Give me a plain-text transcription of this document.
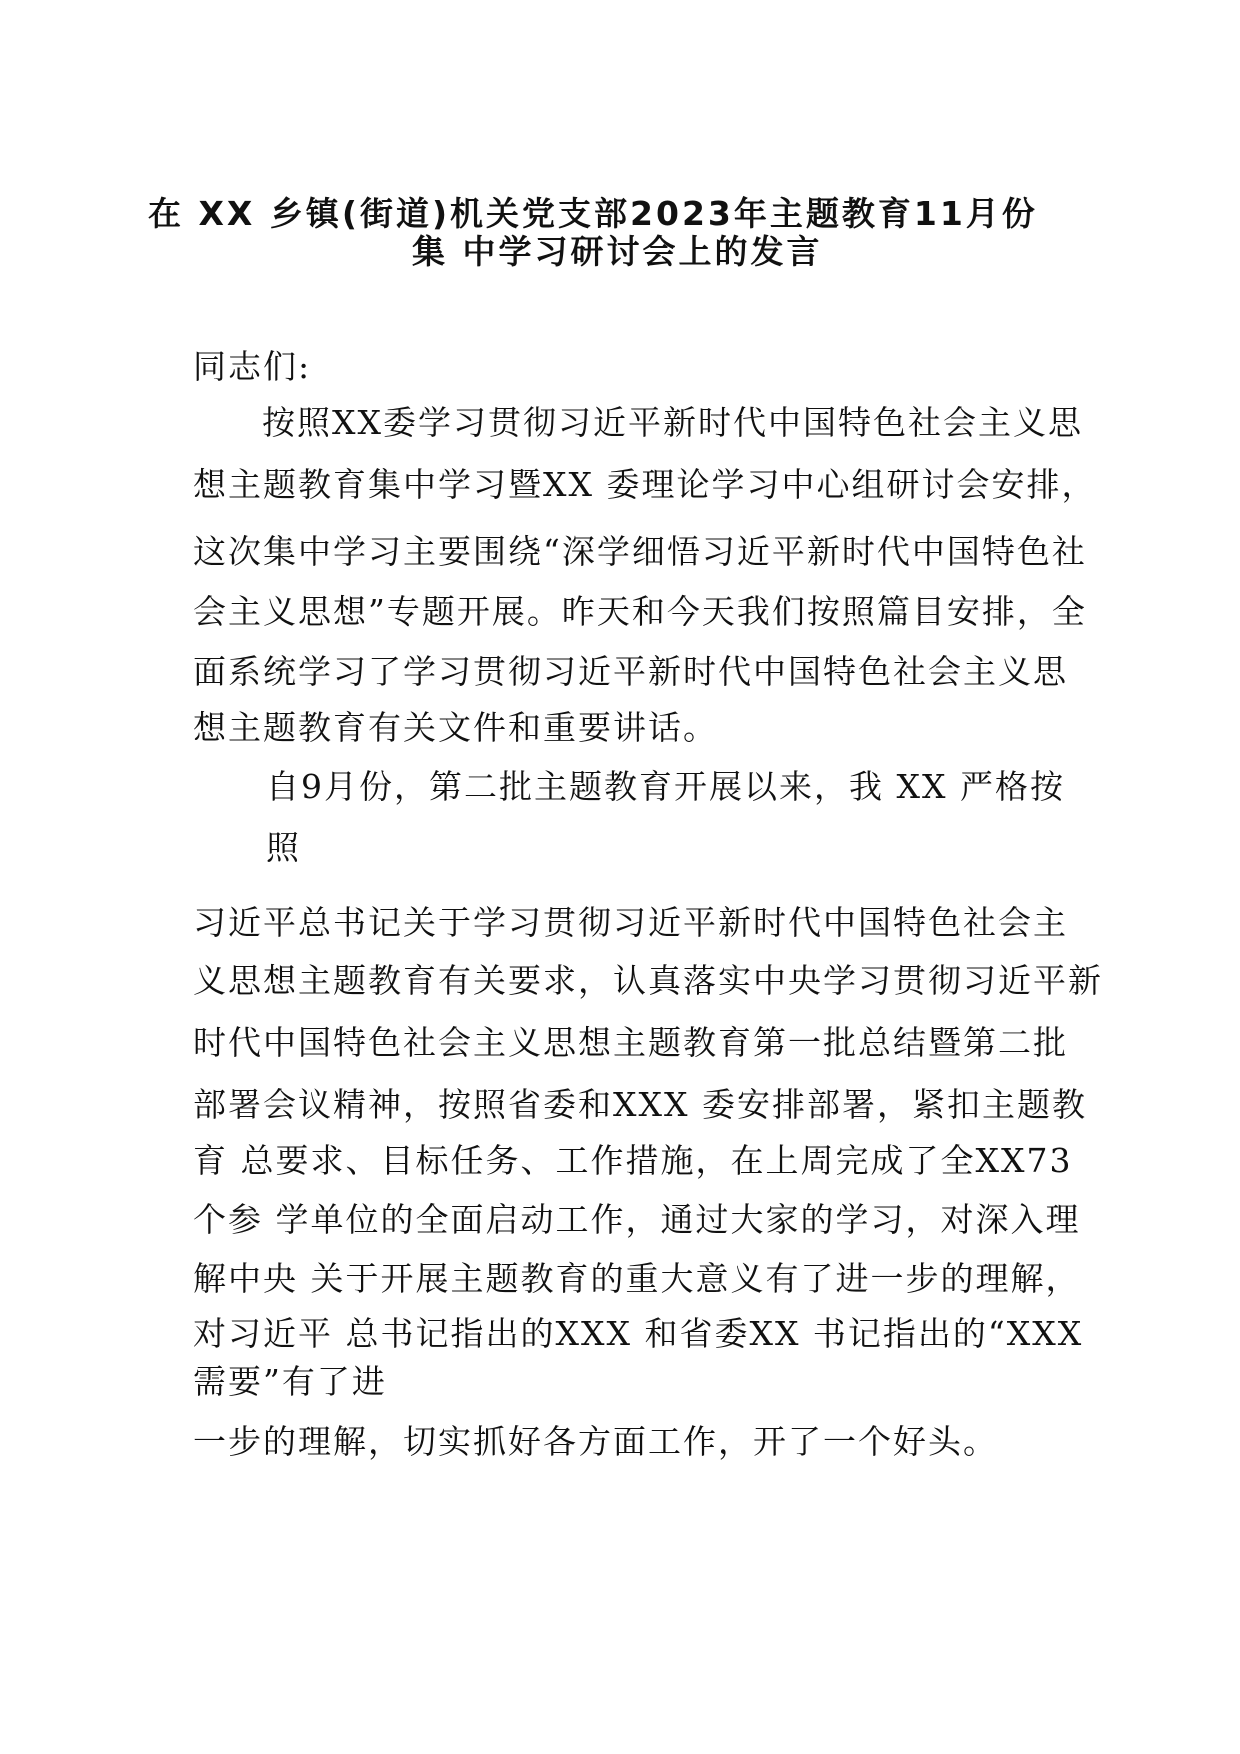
在 XX 乡镇(街道)机关党支部2023年主题教育11月份
集 中学习研讨会上的发言
同志们:
按照XX委学习贯彻习近平新时代中国特色社会主义思
想主题教育集中学习暨XX 委理论学习中心组研讨会安排，
这次集中学习主要围绕“深学细悟习近平新时代中国特色社
会主义思想”专题开展。昨天和今天我们按照篇目安排，全
面系统学习了学习贯彻习近平新时代中国特色社会主义思
想主题教育有关文件和重要讲话。
自9月份，第二批主题教育开展以来，我 XX 严格按
照
习近平总书记关于学习贯彻习近平新时代中国特色社会主
义思想主题教育有关要求，认真落实中央学习贯彻习近平新
时代中国特色社会主义思想主题教育第一批总结暨第二批
部署会议精神，按照省委和XXX 委安排部署，紧扣主题教
育 总要求、目标任务、工作措施，在上周完成了全XX73
个参 学单位的全面启动工作，通过大家的学习，对深入理
解中央 关于开展主题教育的重大意义有了进一步的理解，
对习近平 总书记指出的XXX 和省委XX 书记指出的“XXX
需要”有了进
一步的理解，切实抓好各方面工作，开了一个好头。
